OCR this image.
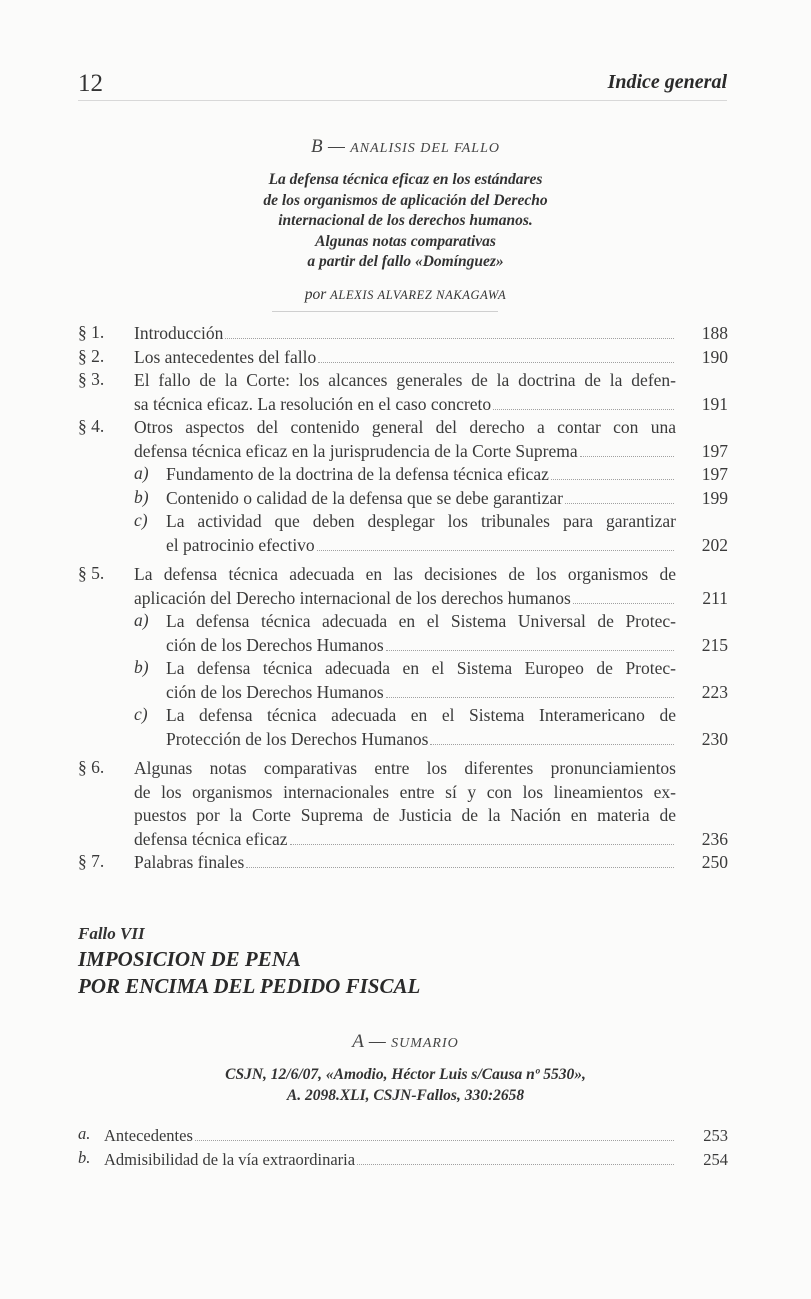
12	Indice general
B — ANALISIS DEL FALLO
La defensa técnica eficaz en los estándares
de los organismos de aplicación del Derecho
internacional de los derechos humanos.
Algunas notas comparativas
a partir del fallo «Domínguez»
por ALEXIS ALVAREZ NAKAGAWA
§ 1.	Introducción	188
§ 2.	Los antecedentes del fallo	190
§ 3.	El fallo de la Corte: los alcances generales de la doctrina de la defen-
sa técnica eficaz. La resolución en el caso concreto	191
§ 4.	Otros aspectos del contenido general del derecho a contar con una
defensa técnica eficaz en la jurisprudencia de la Corte Suprema	197
a) Fundamento de la doctrina de la defensa técnica eficaz	197
b) Contenido o calidad de la defensa que se debe garantizar	199
c)	La actividad que deben desplegar los tribunales para garantizar
el patrocinio efectivo	202
§ 5.	La defensa técnica adecuada en las decisiones de los organismos de
aplicación del Derecho internacional de los derechos humanos	211
a) La defensa técnica adecuada en el Sistema Universal de Protec-
ción de los Derechos Humanos	215
b) La defensa técnica adecuada en el Sistema Europeo de Protec-
ción de los Derechos Humanos	223
c)	La defensa técnica adecuada en el Sistema Interamericano de
Protección de los Derechos Humanos	230
§ 6.	Algunas notas comparativas entre los diferentes pronunciamientos
de los organismos internacionales entre sí y con los lineamientos ex-
puestos por la Corte Suprema de Justicia de la Nación en materia de
defensa técnica eficaz	236
§ 7.	Palabras finales	250
Fallo VII
IMPOSICION DE PENA
POR ENCIMA DEL PEDIDO FISCAL
A — SUMARIO
CSJN, 12/6/07, «Amodio, Héctor Luis s/Causa nº 5530»,
A. 2098.XLI, CSJN-Fallos, 330:2658
a. Antecedentes	253
b. Admisibilidad de la vía extraordinaria	254
